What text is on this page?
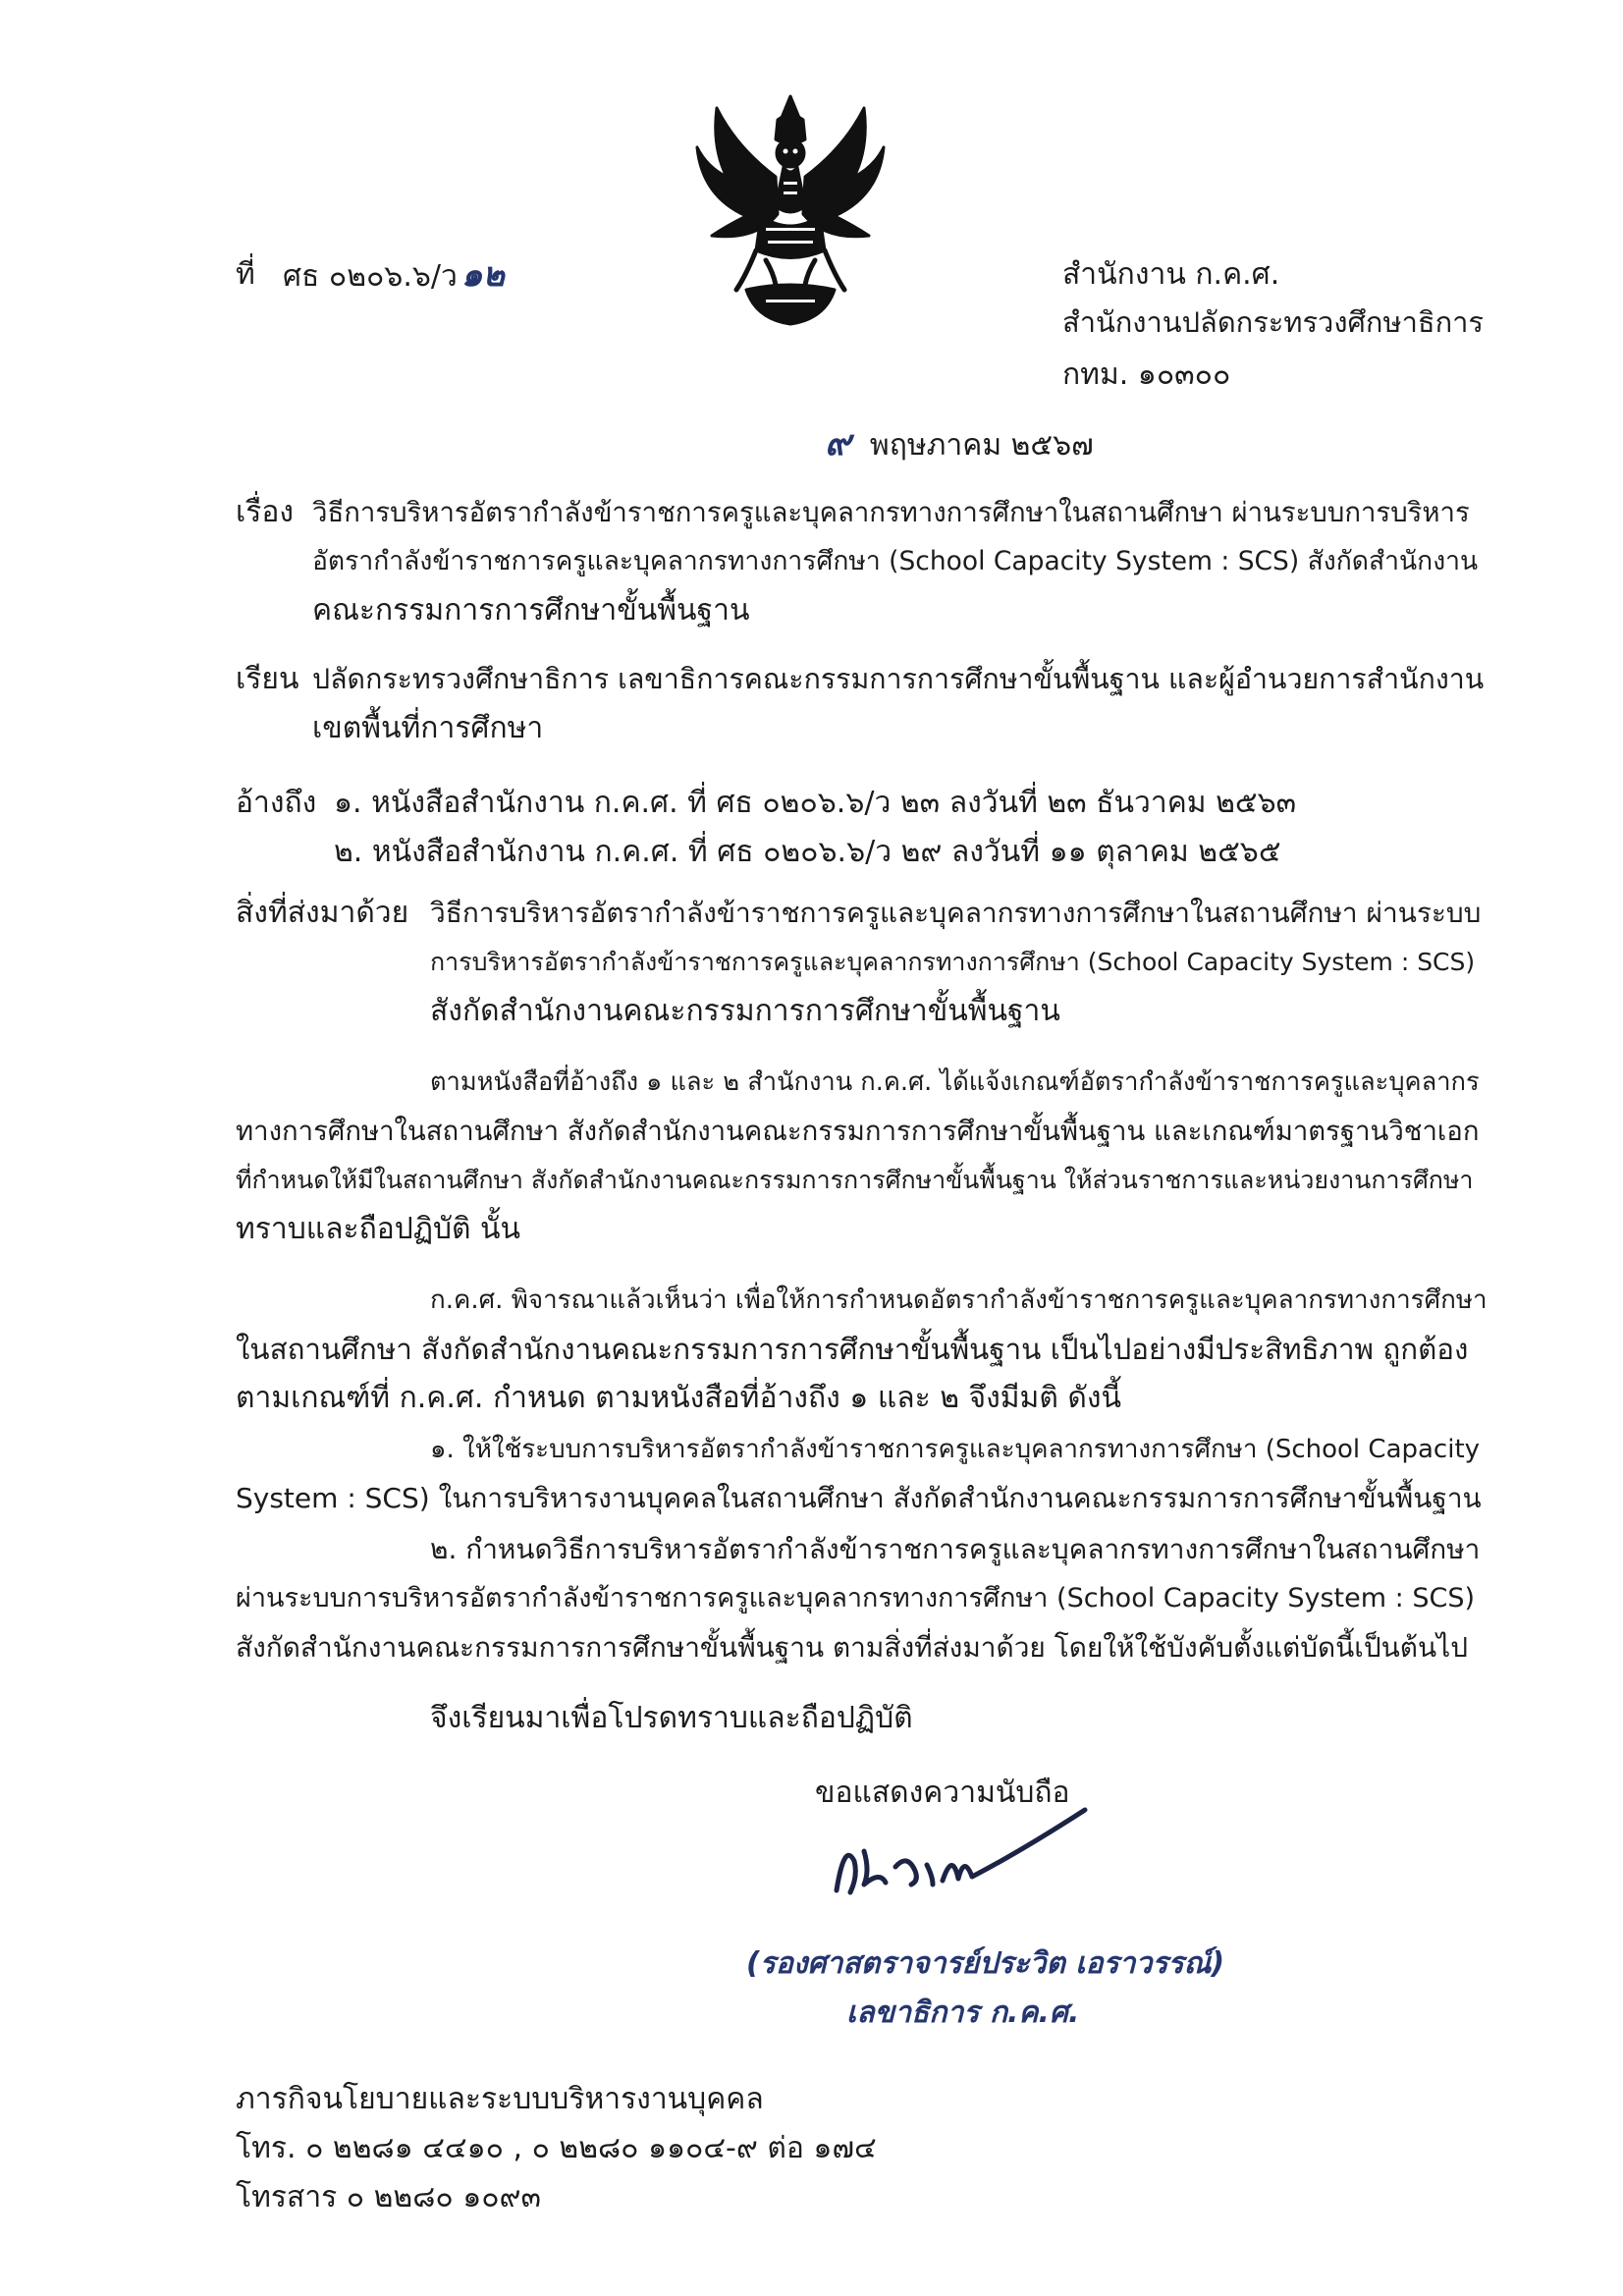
ที่ ศธ ๐๒๐๖.๖/ว ๑๒	สำนักงาน ก.ค.ศ.
สำนักงานปลัดกระทรวงศึกษาธิการ
กทม. ๑๐๓๐๐
๙ พฤษภาคม ๒๕๖๗
เรื่อง วิธีการบริหารอัตรากำลังข้าราชการครูและบุคลากรทางการศึกษาในสถานศึกษา ผ่านระบบการบริหาร
อัตรากำลังข้าราชการครูและบุคลากรทางการศึกษา (School Capacity System : SCS) สังกัดสำนักงาน
คณะกรรมการการศึกษาขั้นพื้นฐาน
เรียน ปลัดกระทรวงศึกษาธิการ เลขาธิการคณะกรรมการการศึกษาขั้นพื้นฐาน และผู้อำนวยการสำนักงาน
เขตพื้นที่การศึกษา
อ้างถึง ๑. หนังสือสำนักงาน ก.ค.ศ. ที่ ศธ ๐๒๐๖.๖/ว ๒๓ ลงวันที่ ๒๓ ธันวาคม ๒๕๖๓
๒. หนังสือสำนักงาน ก.ค.ศ. ที่ ศธ ๐๒๐๖.๖/ว ๒๙ ลงวันที่ ๑๑ ตุลาคม ๒๕๖๕
สิ่งที่ส่งมาด้วย วิธีการบริหารอัตรากำลังข้าราชการครูและบุคลากรทางการศึกษาในสถานศึกษา ผ่านระบบ
การบริหารอัตรากำลังข้าราชการครูและบุคลากรทางการศึกษา (School Capacity System : SCS)
สังกัดสำนักงานคณะกรรมการการศึกษาขั้นพื้นฐาน
ตามหนังสือที่อ้างถึง ๑ และ ๒ สำนักงาน ก.ค.ศ. ได้แจ้งเกณฑ์อัตรากำลังข้าราชการครูและบุคลากร
ทางการศึกษาในสถานศึกษา สังกัดสำนักงานคณะกรรมการการศึกษาขั้นพื้นฐาน และเกณฑ์มาตรฐานวิชาเอก
ที่กำหนดให้มีในสถานศึกษา สังกัดสำนักงานคณะกรรมการการศึกษาขั้นพื้นฐาน ให้ส่วนราชการและหน่วยงานการศึกษา
ทราบและถือปฏิบัติ นั้น
ก.ค.ศ. พิจารณาแล้วเห็นว่า เพื่อให้การกำหนดอัตรากำลังข้าราชการครูและบุคลากรทางการศึกษา
ในสถานศึกษา สังกัดสำนักงานคณะกรรมการการศึกษาขั้นพื้นฐาน เป็นไปอย่างมีประสิทธิภาพ ถูกต้อง
ตามเกณฑ์ที่ ก.ค.ศ. กำหนด ตามหนังสือที่อ้างถึง ๑ และ ๒ จึงมีมติ ดังนี้
๑. ให้ใช้ระบบการบริหารอัตรากำลังข้าราชการครูและบุคลากรทางการศึกษา (School Capacity
System : SCS) ในการบริหารงานบุคคลในสถานศึกษา สังกัดสำนักงานคณะกรรมการการศึกษาขั้นพื้นฐาน
๒. กำหนดวิธีการบริหารอัตรากำลังข้าราชการครูและบุคลากรทางการศึกษาในสถานศึกษา
ผ่านระบบการบริหารอัตรากำลังข้าราชการครูและบุคลากรทางการศึกษา (School Capacity System : SCS)
สังกัดสำนักงานคณะกรรมการการศึกษาขั้นพื้นฐาน ตามสิ่งที่ส่งมาด้วย โดยให้ใช้บังคับตั้งแต่บัดนี้เป็นต้นไป
จึงเรียนมาเพื่อโปรดทราบและถือปฏิบัติ
ขอแสดงความนับถือ
(รองศาสตราจารย์ประวิต เอราวรรณ์)
เลขาธิการ ก.ค.ศ.
ภารกิจนโยบายและระบบบริหารงานบุคคล
โทร. ๐ ๒๒๘๑ ๔๔๑๐ , ๐ ๒๒๘๐ ๑๑๐๔-๙ ต่อ ๑๗๔
โทรสาร ๐ ๒๒๘๐ ๑๐๙๓
